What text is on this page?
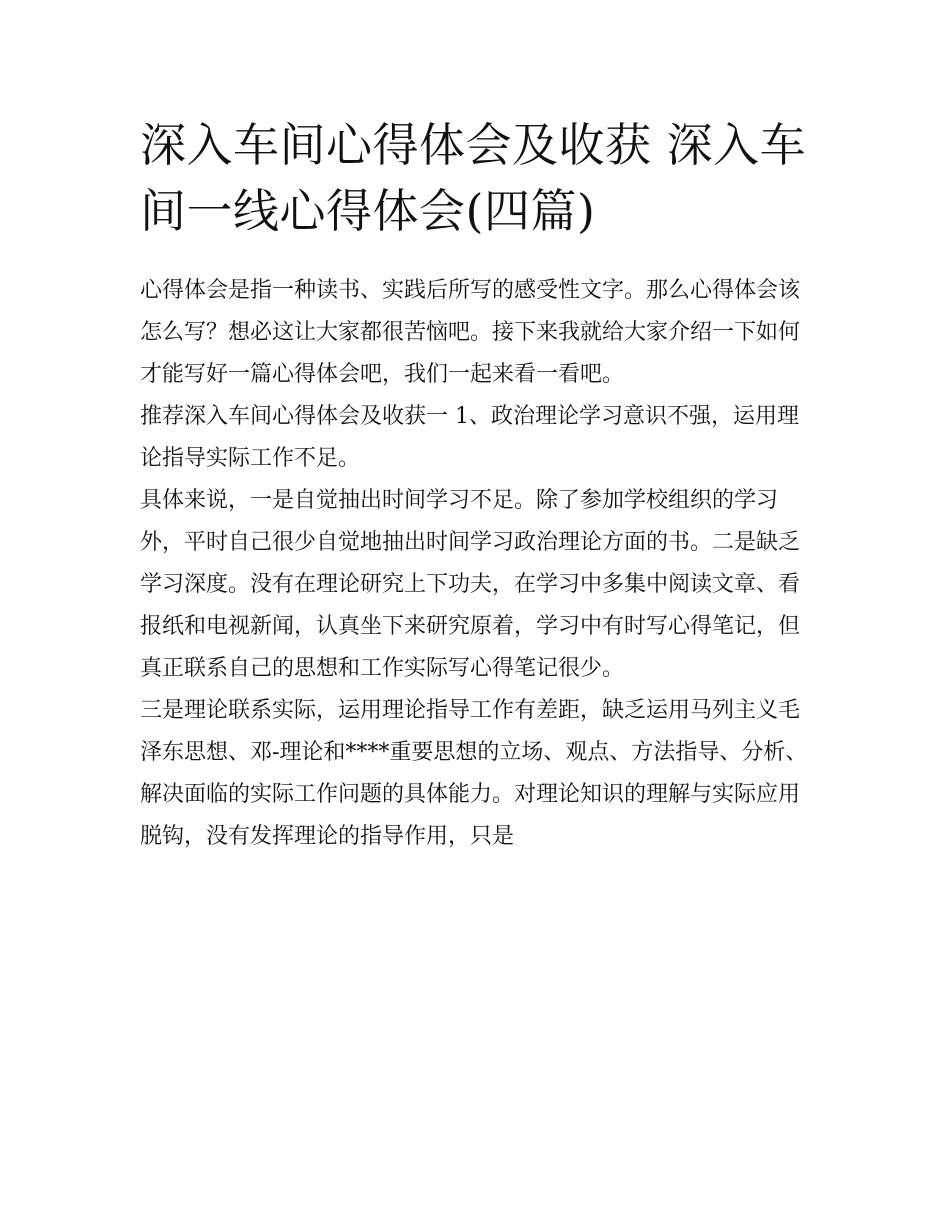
深入车间心得体会及收获 深入车间一线心得体会(四篇)

心得体会是指一种读书、实践后所写的感受性文字。那么心得体会该怎么写？想必这让大家都很苦恼吧。接下来我就给大家介绍一下如何才能写好一篇心得体会吧，我们一起来看一看吧。

推荐深入车间心得体会及收获一 1、政治理论学习意识不强，运用理论指导实际工作不足。

具体来说，一是自觉抽出时间学习不足。除了参加学校组织的学习外，平时自己很少自觉地抽出时间学习政治理论方面的书。二是缺乏学习深度。没有在理论研究上下功夫，在学习中多集中阅读文章、看报纸和电视新闻，认真坐下来研究原着，学习中有时写心得笔记，但真正联系自己的思想和工作实际写心得笔记很少。

三是理论联系实际，运用理论指导工作有差距，缺乏运用马列主义毛泽东思想、邓-理论和****重要思想的立场、观点、方法指导、分析、解决面临的实际工作问题的具体能力。对理论知识的理解与实际应用脱钩，没有发挥理论的指导作用，只是
